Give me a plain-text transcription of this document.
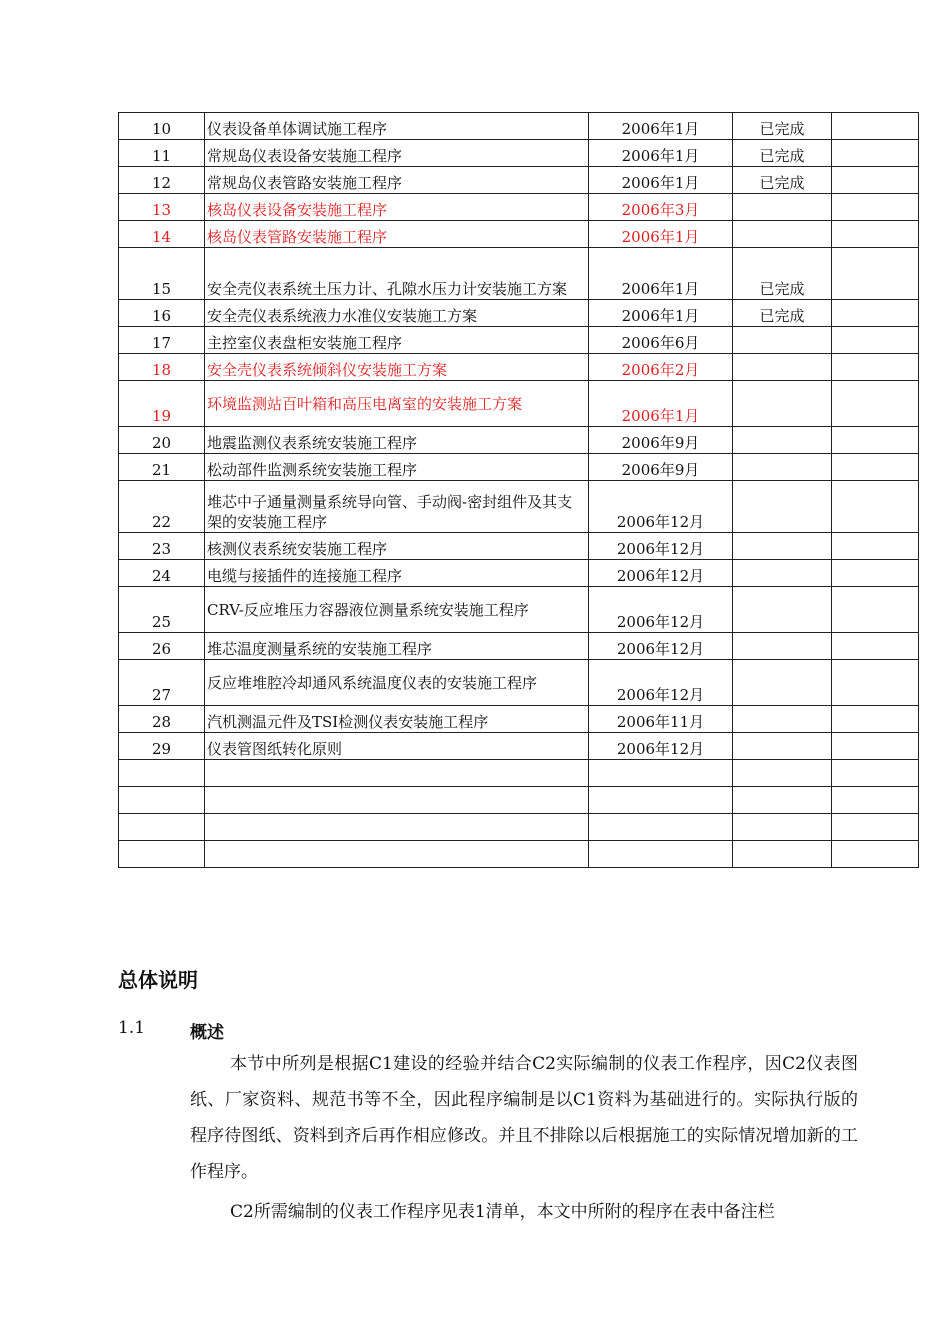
10	仪表设备单体调试施工程序	2006年1月	已完成	
11	常规岛仪表设备安装施工程序	2006年1月	已完成	
12	常规岛仪表管路安装施工程序	2006年1月	已完成	
13	核岛仪表设备安装施工程序	2006年3月		
14	核岛仪表管路安装施工程序	2006年1月		
15	安全壳仪表系统土压力计、孔隙水压力计安装施工方案	2006年1月	已完成	
16	安全壳仪表系统液力水准仪安装施工方案	2006年1月	已完成	
17	主控室仪表盘柜安装施工程序	2006年6月		
18	安全壳仪表系统倾斜仪安装施工方案	2006年2月		
19	环境监测站百叶箱和高压电离室的安装施工方案	2006年1月		
20	地震监测仪表系统安装施工程序	2006年9月		
21	松动部件监测系统安装施工程序	2006年9月		
22	堆芯中子通量测量系统导向管、手动阀-密封组件及其支架的安装施工程序	2006年12月		
23	核测仪表系统安装施工程序	2006年12月		
24	电缆与接插件的连接施工程序	2006年12月		
25	CRV-反应堆压力容器液位测量系统安装施工程序	2006年12月		
26	堆芯温度测量系统的安装施工程序	2006年12月		
27	反应堆堆腔冷却通风系统温度仪表的安装施工程序	2006年12月		
28	汽机测温元件及TSI检测仪表安装施工程序	2006年11月		
29	仪表管图纸转化原则	2006年12月		

总体说明
1.1	概述
本节中所列是根据C1建设的经验并结合C2实际编制的仪表工作程序，因C2仪表图纸、厂家资料、规范书等不全，因此程序编制是以C1资料为基础进行的。实际执行版的程序待图纸、资料到齐后再作相应修改。并且不排除以后根据施工的实际情况增加新的工作程序。
C2所需编制的仪表工作程序见表1清单，本文中所附的程序在表中备注栏
